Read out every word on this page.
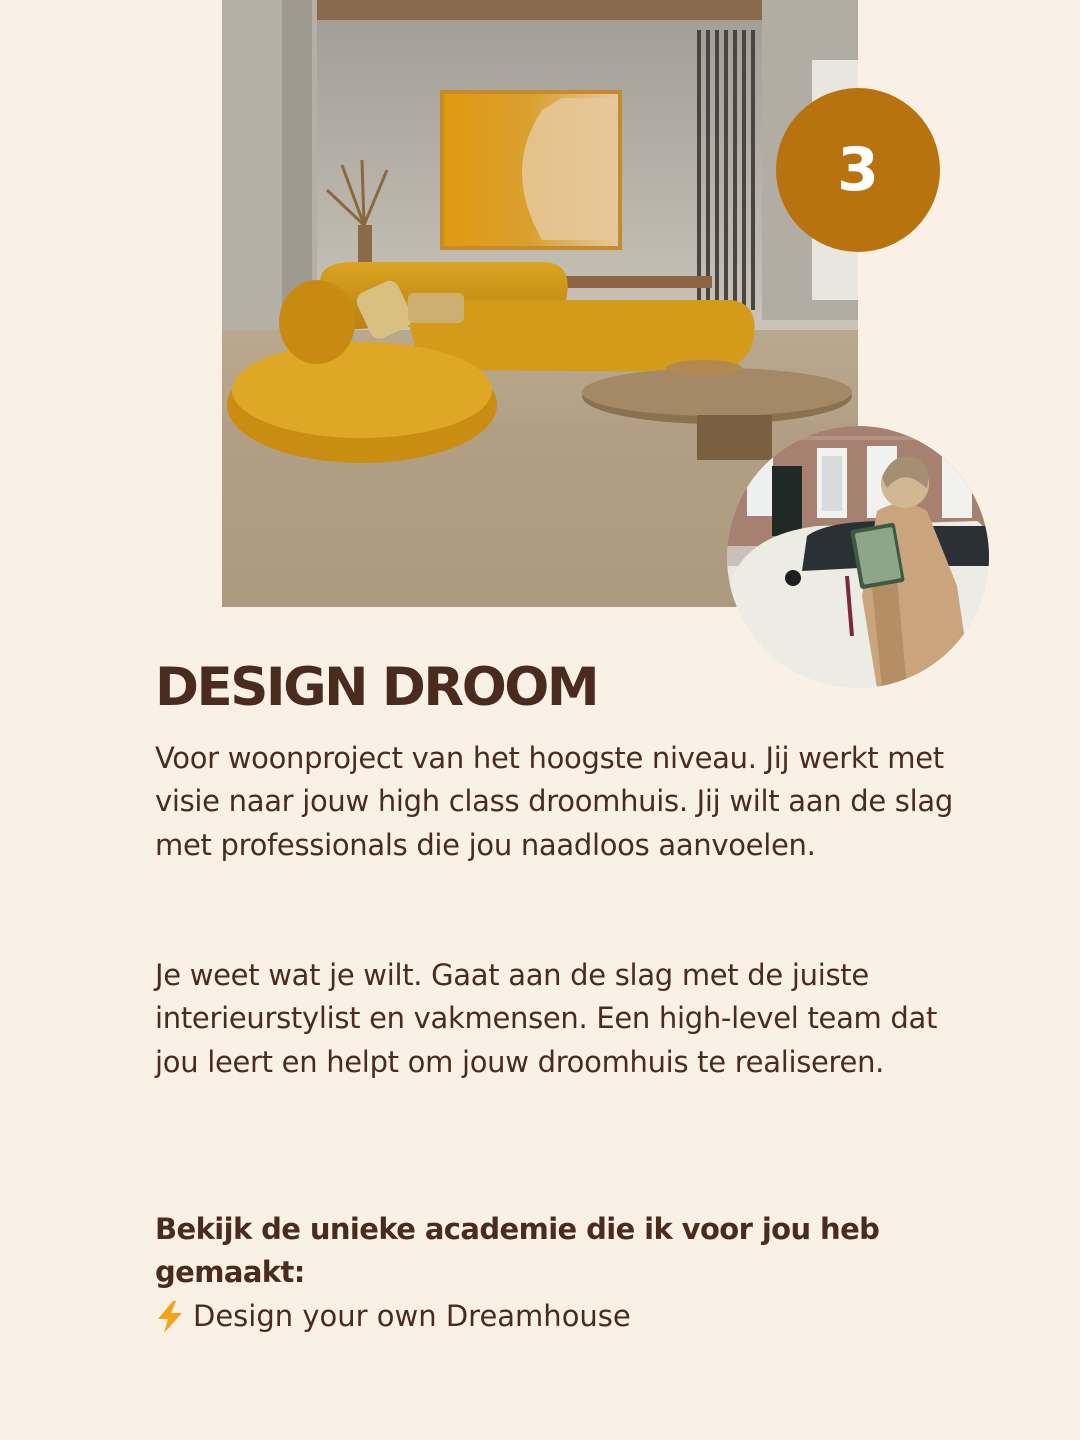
3
DESIGN DROOM

Voor woonproject van het hoogste niveau. Jij werkt met visie naar jouw high class droomhuis. Jij wilt aan de slag met professionals die jou naadloos aanvoelen.

Je weet wat je wilt. Gaat aan de slag met de juiste interieurstylist en vakmensen. Een high-level team dat jou leert en helpt om jouw droomhuis te realiseren.

Bekijk de unieke academie die ik voor jou heb gemaakt:

Design your own Dreamhouse
